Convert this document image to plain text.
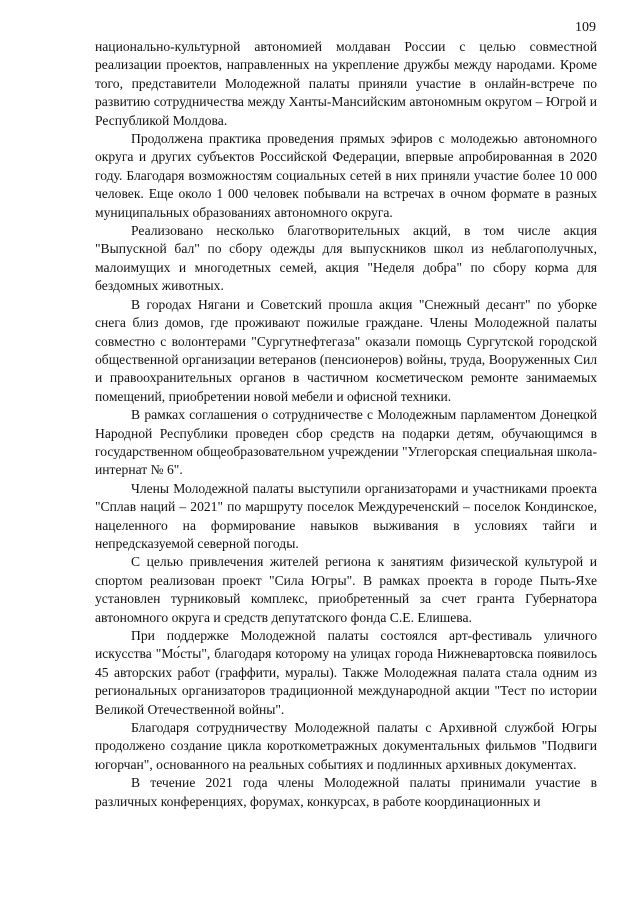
109

национально-культурной автономией молдаван России с целью совместной реализации проектов, направленных на укрепление дружбы между народами. Кроме того, представители Молодежной палаты приняли участие в онлайн-встрече по развитию сотрудничества между Ханты-Мансийским автономным округом – Югрой и Республикой Молдова.

Продолжена практика проведения прямых эфиров с молодежью автономного округа и других субъектов Российской Федерации, впервые апробированная в 2020 году. Благодаря возможностям социальных сетей в них приняли участие более 10 000 человек. Еще около 1 000 человек побывали на встречах в очном формате в разных муниципальных образованиях автономного округа.

Реализовано несколько благотворительных акций, в том числе акция "Выпускной бал" по сбору одежды для выпускников школ из неблагополучных, малоимущих и многодетных семей, акция "Неделя добра" по сбору корма для бездомных животных.

В городах Нягани и Советский прошла акция "Снежный десант" по уборке снега близ домов, где проживают пожилые граждане. Члены Молодежной палаты совместно с волонтерами "Сургутнефтегаза" оказали помощь Сургутской городской общественной организации ветеранов (пенсионеров) войны, труда, Вооруженных Сил и правоохранительных органов в частичном косметическом ремонте занимаемых помещений, приобретении новой мебели и офисной техники.

В рамках соглашения о сотрудничестве с Молодежным парламентом Донецкой Народной Республики проведен сбор средств на подарки детям, обучающимся в государственном общеобразовательном учреждении "Углегорская специальная школа-интернат № 6".

Члены Молодежной палаты выступили организаторами и участниками проекта "Сплав наций – 2021" по маршруту поселок Междуреченский – поселок Кондинское, нацеленного на формирование навыков выживания в условиях тайги и непредсказуемой северной погоды.

С целью привлечения жителей региона к занятиям физической культурой и спортом реализован проект "Сила Югры". В рамках проекта в городе Пыть-Яхе установлен турниковый комплекс, приобретенный за счет гранта Губернатора автономного округа и средств депутатского фонда С.Е. Елишева.

При поддержке Молодежной палаты состоялся арт-фестиваль уличного искусства "Мо́сты", благодаря которому на улицах города Нижневартовска появилось 45 авторских работ (граффити, муралы). Также Молодежная палата стала одним из региональных организаторов традиционной международной акции "Тест по истории Великой Отечественной войны".

Благодаря сотрудничеству Молодежной палаты с Архивной службой Югры продолжено создание цикла короткометражных документальных фильмов "Подвиги югорчан", основанного на реальных событиях и подлинных архивных документах.

В течение 2021 года члены Молодежной палаты принимали участие в различных конференциях, форумах, конкурсах, в работе координационных и
